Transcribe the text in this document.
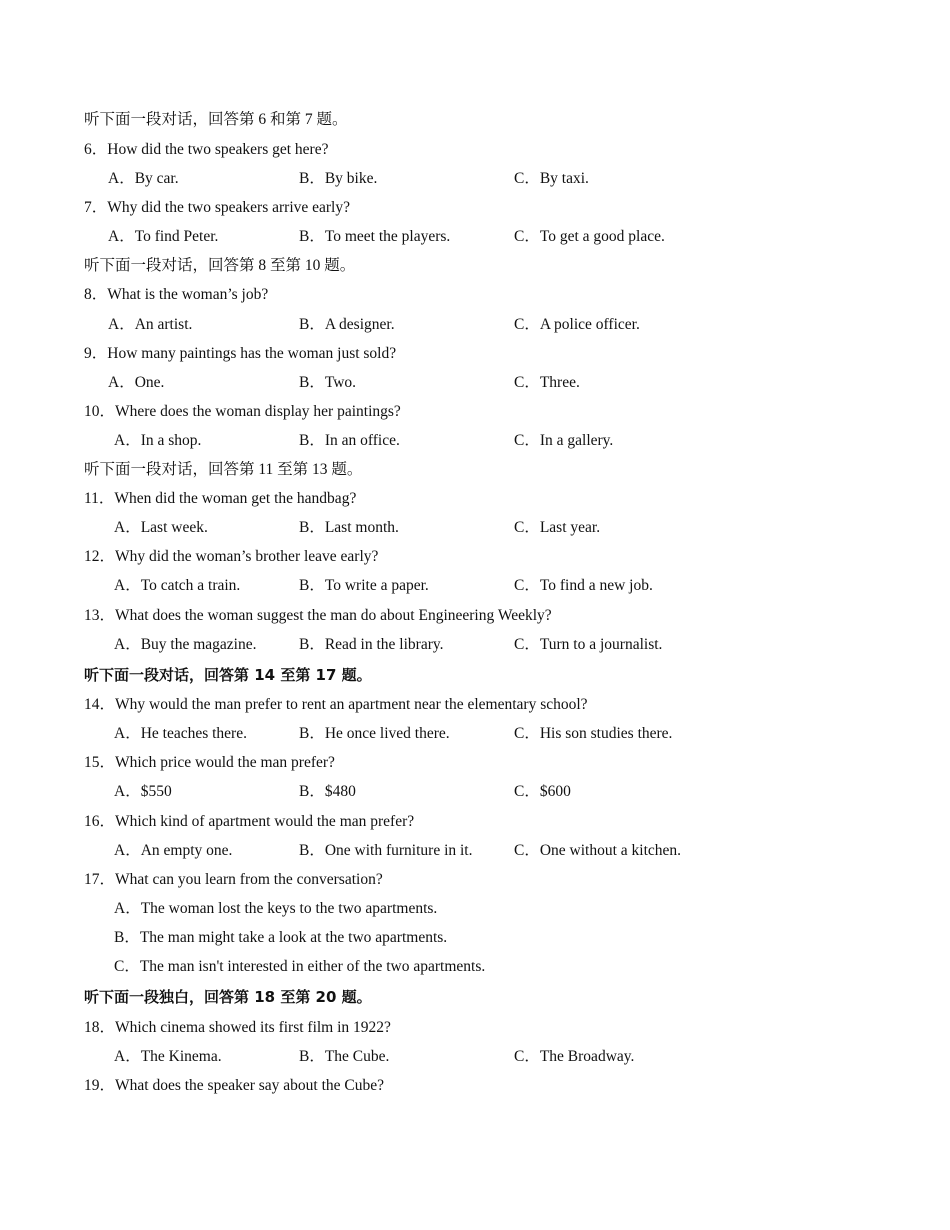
听下面一段对话，回答第 6 和第 7 题。
6．How did the two speakers get here?
A．By car.	B．By bike.	C．By taxi.
7．Why did the two speakers arrive early?
A．To find Peter.	B．To meet the players.	C．To get a good place.
听下面一段对话，回答第 8 至第 10 题。
8．What is the woman’s job?
A．An artist.	B．A designer.	C．A police officer.
9．How many paintings has the woman just sold?
A．One.	B．Two.	C．Three.
10．Where does the woman display her paintings?
A．In a shop.	B．In an office.	C．In a gallery.
听下面一段对话，回答第 11 至第 13 题。
11．When did the woman get the handbag?
A．Last week.	B．Last month.	C．Last year.
12．Why did the woman’s brother leave early?
A．To catch a train.	B．To write a paper.	C．To find a new job.
13．What does the woman suggest the man do about Engineering Weekly?
A．Buy the magazine.	B．Read in the library.	C．Turn to a journalist.
听下面一段对话，回答第 14 至第 17 题。
14．Why would the man prefer to rent an apartment near the elementary school?
A．He teaches there.	B．He once lived there.	C．His son studies there.
15．Which price would the man prefer?
A．$550	B．$480	C．$600
16．Which kind of apartment would the man prefer?
A．An empty one.	B．One with furniture in it.	C．One without a kitchen.
17．What can you learn from the conversation?
A．The woman lost the keys to the two apartments.
B．The man might take a look at the two apartments.
C．The man isn't interested in either of the two apartments.
听下面一段独白，回答第 18 至第 20 题。
18．Which cinema showed its first film in 1922?
A．The Kinema.	B．The Cube.	C．The Broadway.
19．What does the speaker say about the Cube?
